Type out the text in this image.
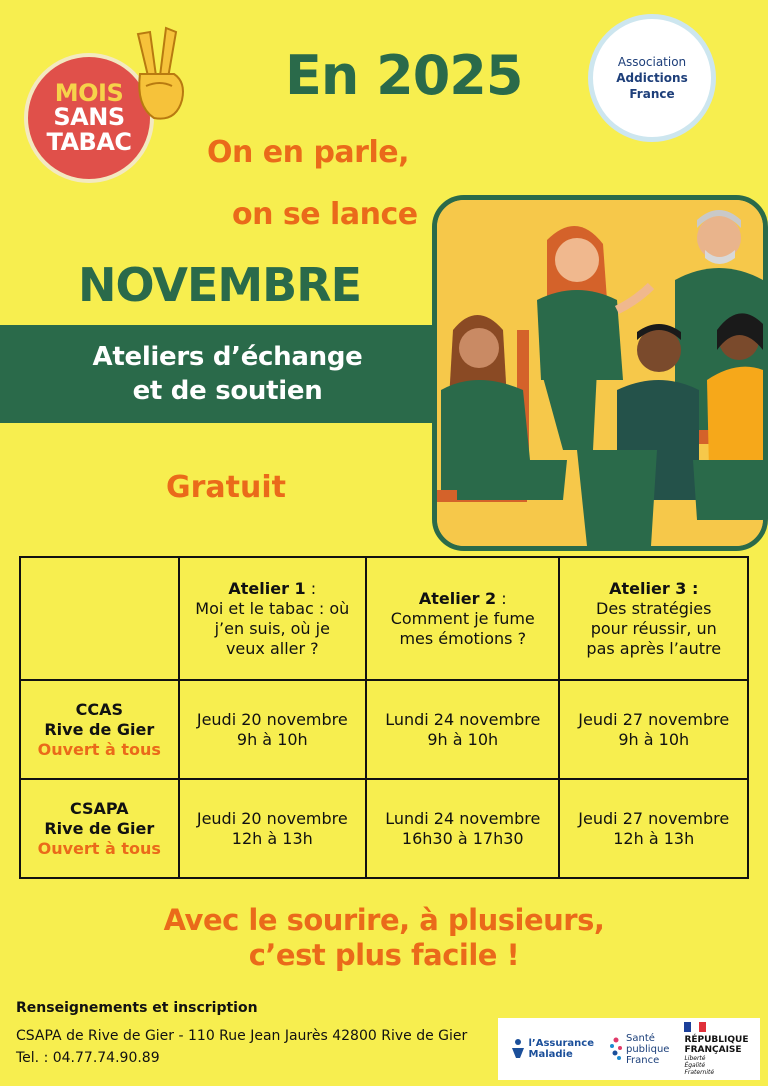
MOIS
SANS
TABAC
En 2025	Association
Addictions
France
On en parle,
on se lance
NOVEMBRE
Ateliers d’échange
et de soutien
Gratuit

	Atelier 1 :
Moi et le tabac : où
j’en suis, où je
veux aller ?	Atelier 2 :
Comment je fume
mes émotions ?	Atelier 3 :
Des stratégies
pour réussir, un
pas après l’autre

CCAS
Rive de Gier
Ouvert à tous	Jeudi 20 novembre
9h à 10h	Lundi 24 novembre
9h à 10h	Jeudi 27 novembre
9h à 10h

CSAPA
Rive de Gier
Ouvert à tous	Jeudi 20 novembre
12h à 13h	Lundi 24 novembre
16h30 à 17h30	Jeudi 27 novembre
12h à 13h
Avec le sourire, à plusieurs,
c’est plus facile !
Renseignements et inscription
CSAPA de Rive de Gier - 110 Rue Jean Jaurès 42800 Rive de Gier
Tel. : 04.77.74.90.89
l’Assurance
Maladie
Santé
publique
France
RÉPUBLIQUE
FRANÇAISE
Liberté
Égalité
Fraternité
